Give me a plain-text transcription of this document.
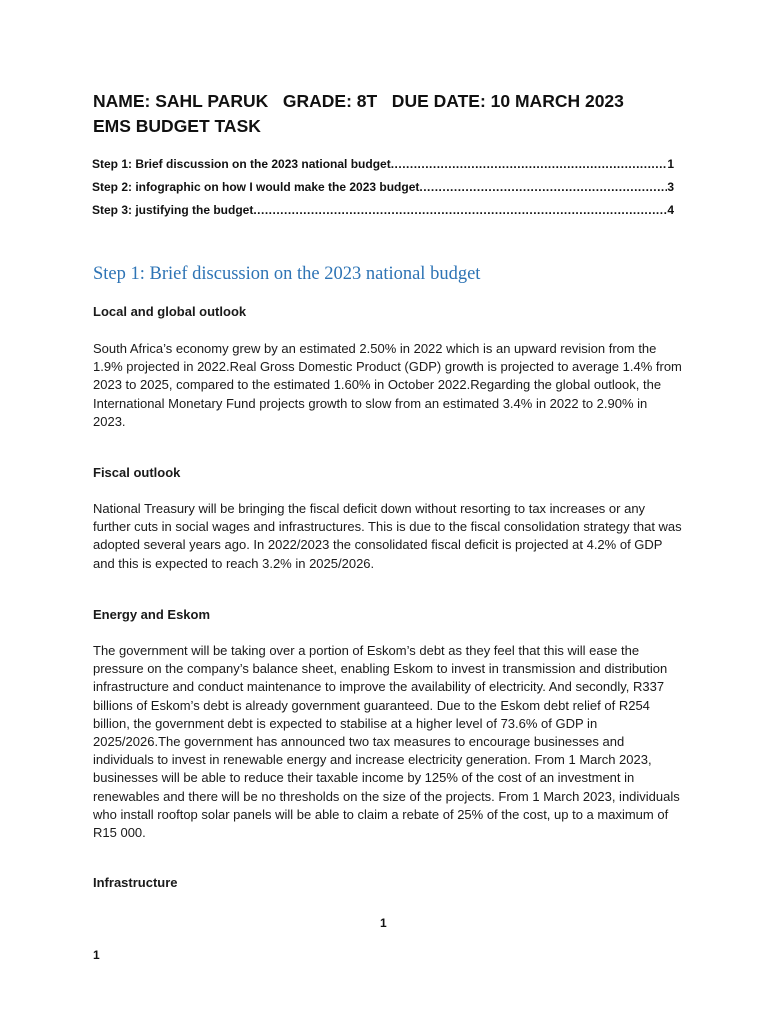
NAME: SAHL PARUK   GRADE: 8T   DUE DATE: 10 MARCH 2023
EMS BUDGET TASK
Step 1: Brief discussion on the 2023 national budget .....	1
Step 2: infographic on how I would make the 2023 budget .....	3
Step 3: justifying the budget .....	4
Step 1: Brief discussion on the 2023 national budget
Local and global outlook

South Africa’s economy grew by an estimated 2.50% in 2022 which is an upward revision from the 1.9% projected in 2022.Real Gross Domestic Product (GDP) growth is projected to average 1.4% from 2023 to 2025, compared to the estimated 1.60% in October 2022.Regarding the global outlook, the International Monetary Fund projects growth to slow from an estimated 3.4% in 2022 to 2.90% in 2023.

Fiscal outlook

National Treasury will be bringing the fiscal deficit down without resorting to tax increases or any further cuts in social wages and infrastructures. This is due to the fiscal consolidation strategy that was adopted several years ago. In 2022/2023 the consolidated fiscal deficit is projected at 4.2% of GDP and this is expected to reach 3.2% in 2025/2026.

Energy and Eskom

The government will be taking over a portion of Eskom’s debt as they feel that this will ease the pressure on the company’s balance sheet, enabling Eskom to invest in transmission and distribution infrastructure and conduct maintenance to improve the availability of electricity. And secondly, R337 billions of Eskom’s debt is already government guaranteed. Due to the Eskom debt relief of R254 billion, the government debt is expected to stabilise at a higher level of 73.6% of GDP in 2025/2026.The government has announced two tax measures to encourage businesses and individuals to invest in renewable energy and increase electricity generation. From 1 March 2023, businesses will be able to reduce their taxable income by 125% of the cost of an investment in renewables and there will be no thresholds on the size of the projects. From 1 March 2023, individuals who install rooftop solar panels will be able to claim a rebate of 25% of the cost, up to a maximum of R15 000.

Infrastructure
1
1
